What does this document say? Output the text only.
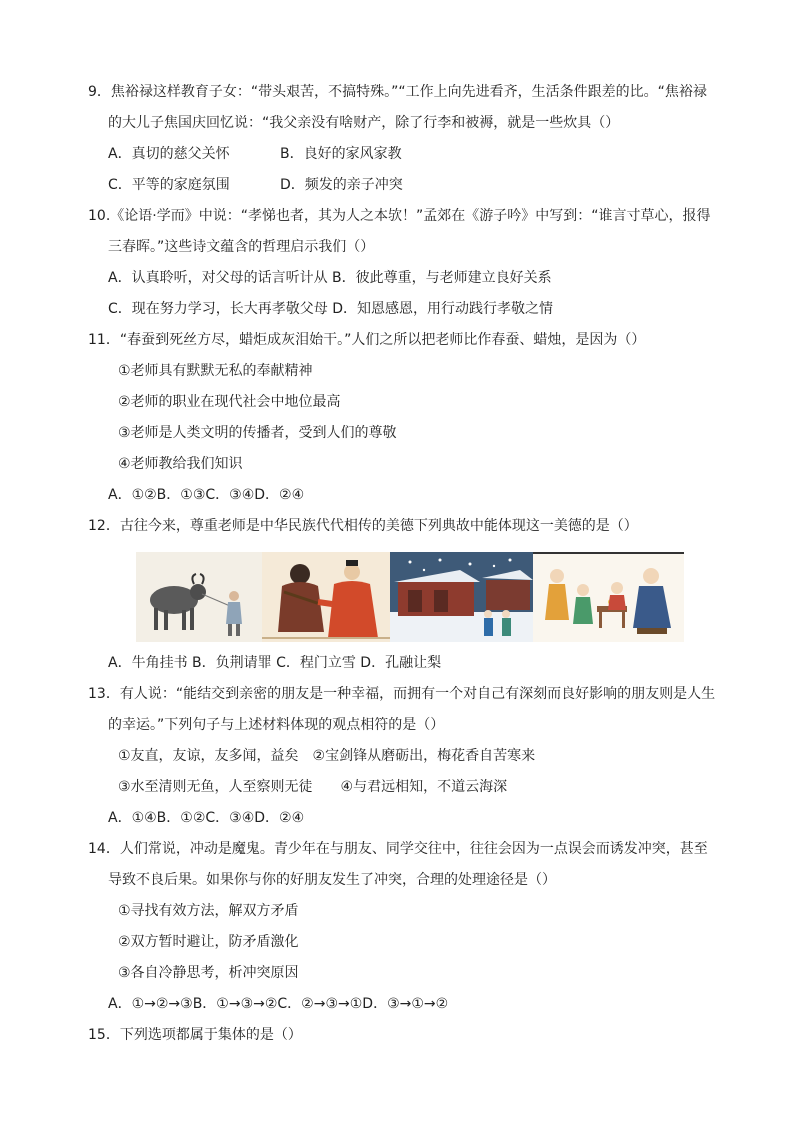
9．焦裕禄这样教育子女：“带头艰苦，不搞特殊。”“工作上向先进看齐，生活条件跟差的比。“焦裕禄
的大儿子焦国庆回忆说：“我父亲没有啥财产，除了行李和被褥，就是一些炊具（）
A．真切的慈父关怀	B．良好的家风家教
C．平等的家庭氛围	D．频发的亲子冲突
10.《论语·学而》中说：“孝悌也者，其为人之本欤！”孟郊在《游子吟》中写到：“谁言寸草心，报得
三春晖。”这些诗文蕴含的哲理启示我们（）
A．认真聆听，对父母的话言听计从 B．彼此尊重，与老师建立良好关系
C．现在努力学习，长大再孝敬父母 D．知恩感恩，用行动践行孝敬之情
11．“春蚕到死丝方尽，蜡炬成灰泪始干。”人们之所以把老师比作春蚕、蜡烛，是因为（）
①老师具有默默无私的奉献精神
②老师的职业在现代社会中地位最高
③老师是人类文明的传播者，受到人们的尊敬
④老师教给我们知识
A．①②B．①③C．③④D．②④
12．古往今来，尊重老师是中华民族代代相传的美德下列典故中能体现这一美德的是（）
A．牛角挂书 B．负荆请罪 C．程门立雪 D．孔融让梨
13．有人说：“能结交到亲密的朋友是一种幸福，而拥有一个对自己有深刻而良好影响的朋友则是人生
的幸运。”下列句子与上述材料体现的观点相符的是（）
①友直，友谅，友多闻，益矣　②宝剑锋从磨砺出，梅花香自苦寒来
③水至清则无鱼，人至察则无徒　　④与君远相知，不道云海深
A．①④B．①②C．③④D．②④
14．人们常说，冲动是魔鬼。青少年在与朋友、同学交往中，往往会因为一点误会而诱发冲突，甚至
导致不良后果。如果你与你的好朋友发生了冲突，合理的处理途径是（）
①寻找有效方法，解双方矛盾
②双方暂时避让，防矛盾激化
③各自冷静思考，析冲突原因
A．①→②→③B．①→③→②C．②→③→①D．③→①→②
15．下列选项都属于集体的是（）
